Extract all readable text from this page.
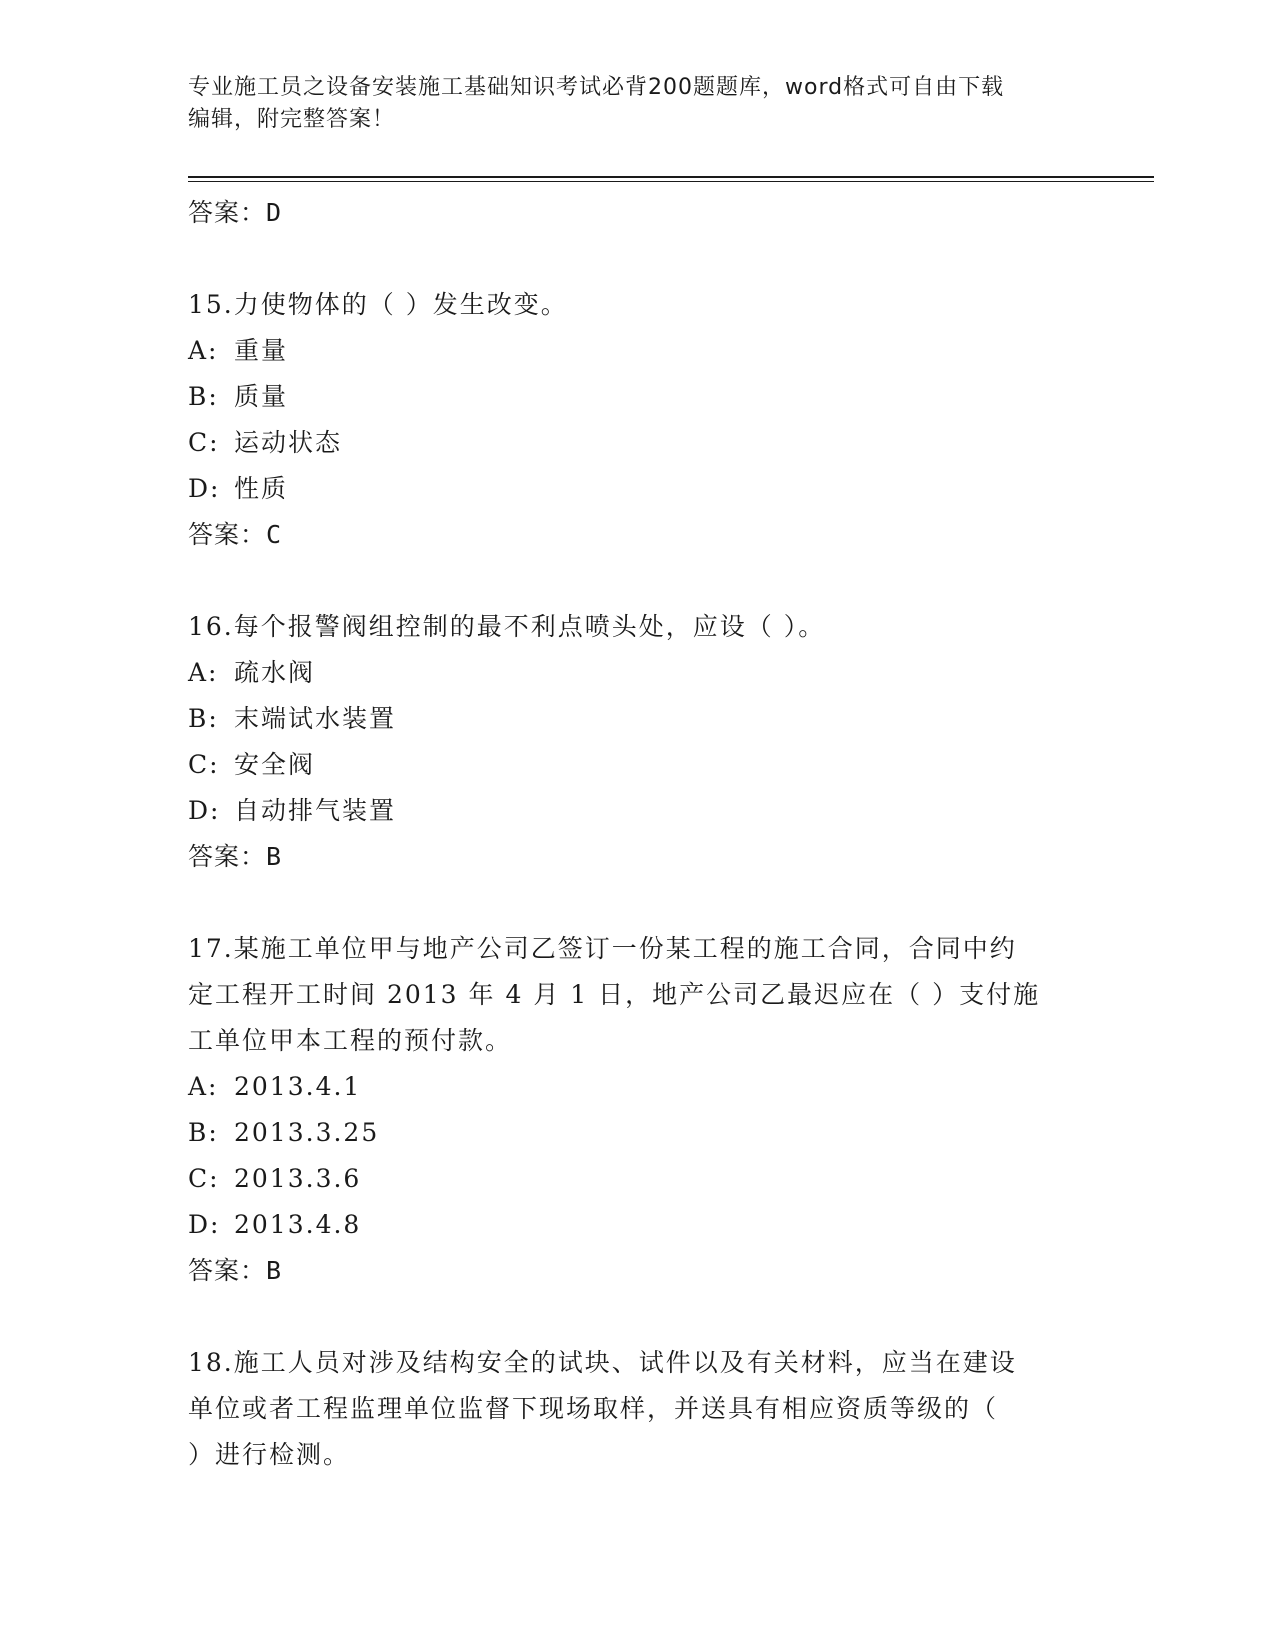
专业施工员之设备安装施工基础知识考试必背200题题库，word格式可自由下载
编辑，附完整答案！
答案：D
15.力使物体的（ ）发生改变。
A: 重量
B: 质量
C: 运动状态
D: 性质
答案：C
16.每个报警阀组控制的最不利点喷头处，应设（ ）。
A: 疏水阀
B: 末端试水装置
C: 安全阀
D: 自动排气装置
答案：B
17.某施工单位甲与地产公司乙签订一份某工程的施工合同，合同中约
定工程开工时间 2013 年 4 月 1 日，地产公司乙最迟应在（ ）支付施
工单位甲本工程的预付款。
A: 2013.4.1
B: 2013.3.25
C: 2013.3.6
D: 2013.4.8
答案：B
18.施工人员对涉及结构安全的试块、试件以及有关材料，应当在建设
单位或者工程监理单位监督下现场取样，并送具有相应资质等级的（
）进行检测。
